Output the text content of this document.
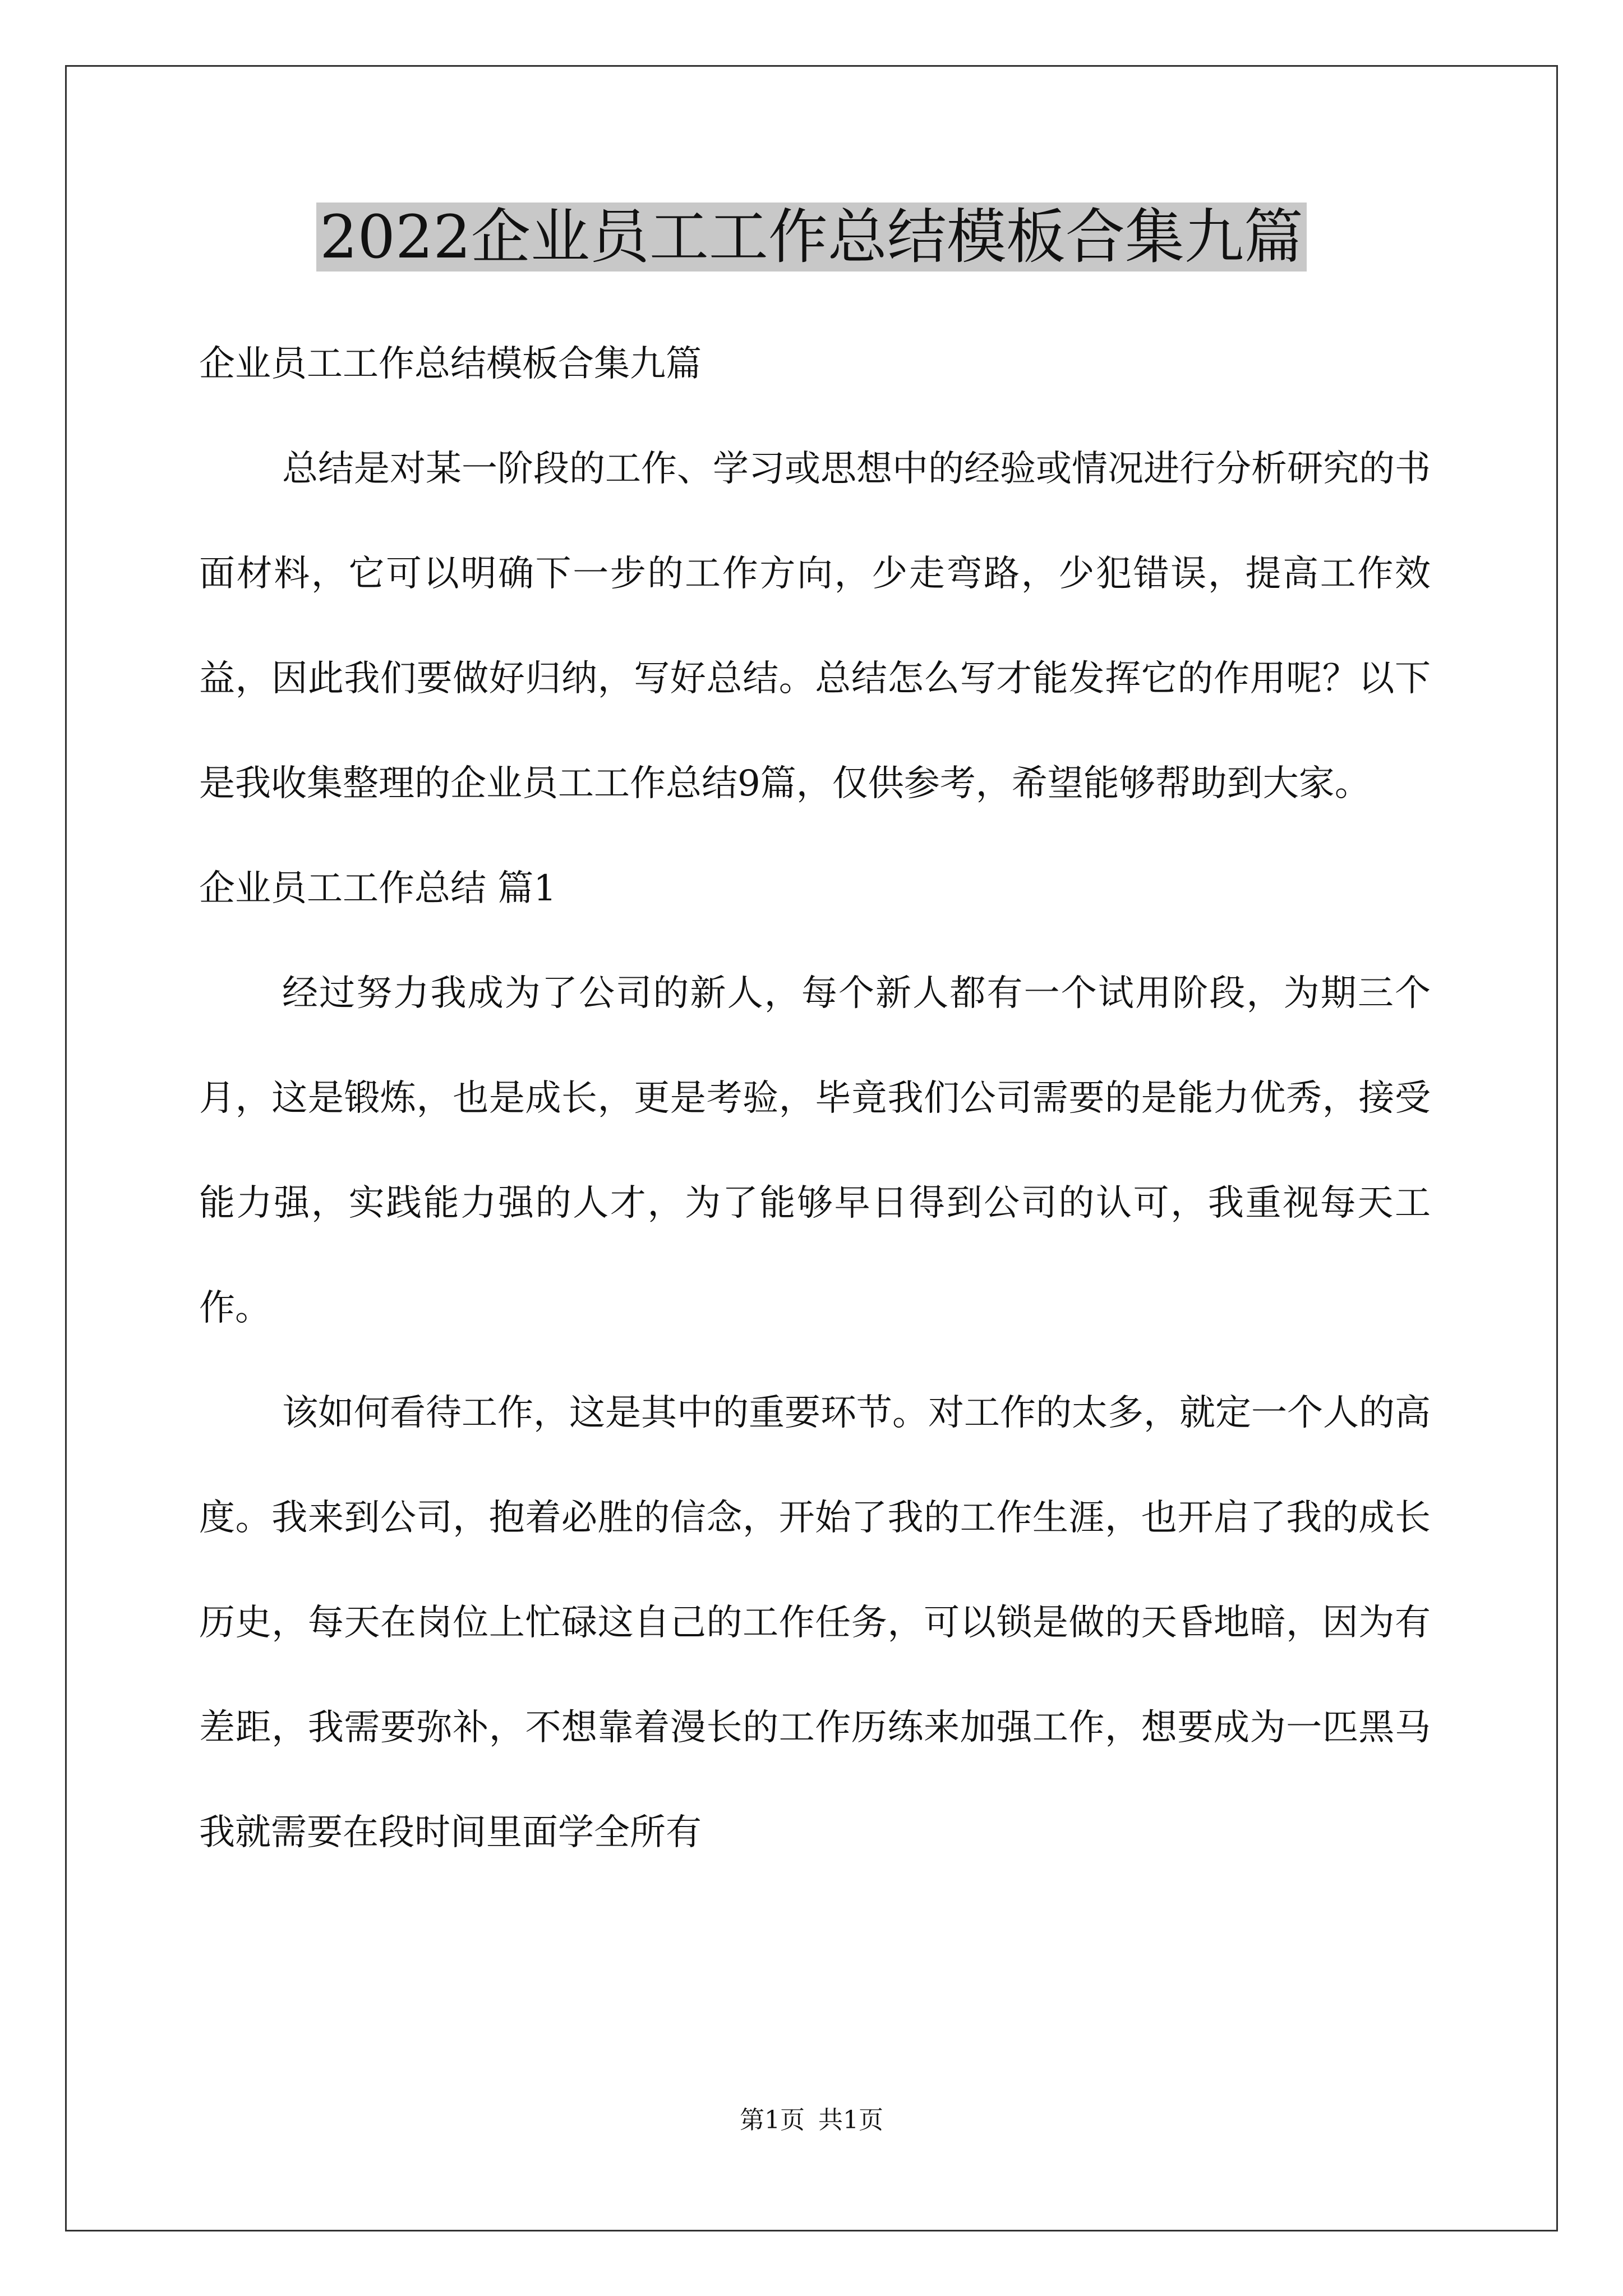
2022企业员工工作总结模板合集九篇

企业员工工作总结模板合集九篇

总结是对某一阶段的工作、学习或思想中的经验或情况进行分析研究的书面材料，它可以明确下一步的工作方向，少走弯路，少犯错误，提高工作效益，因此我们要做好归纳，写好总结。总结怎么写才能发挥它的作用呢？以下是我收集整理的企业员工工作总结9篇，仅供参考，希望能够帮助到大家。

企业员工工作总结 篇1

经过努力我成为了公司的新人，每个新人都有一个试用阶段，为期三个月，这是锻炼，也是成长，更是考验，毕竟我们公司需要的是能力优秀，接受能力强，实践能力强的人才，为了能够早日得到公司的认可，我重视每天工作。

该如何看待工作，这是其中的重要环节。对工作的太多，就定一个人的高度。我来到公司，抱着必胜的信念，开始了我的工作生涯，也开启了我的成长历史，每天在岗位上忙碌这自己的工作任务，可以锁是做的天昏地暗，因为有差距，我需要弥补，不想靠着漫长的工作历练来加强工作，想要成为一匹黑马我就需要在段时间里面学全所有

第1页 共1页
